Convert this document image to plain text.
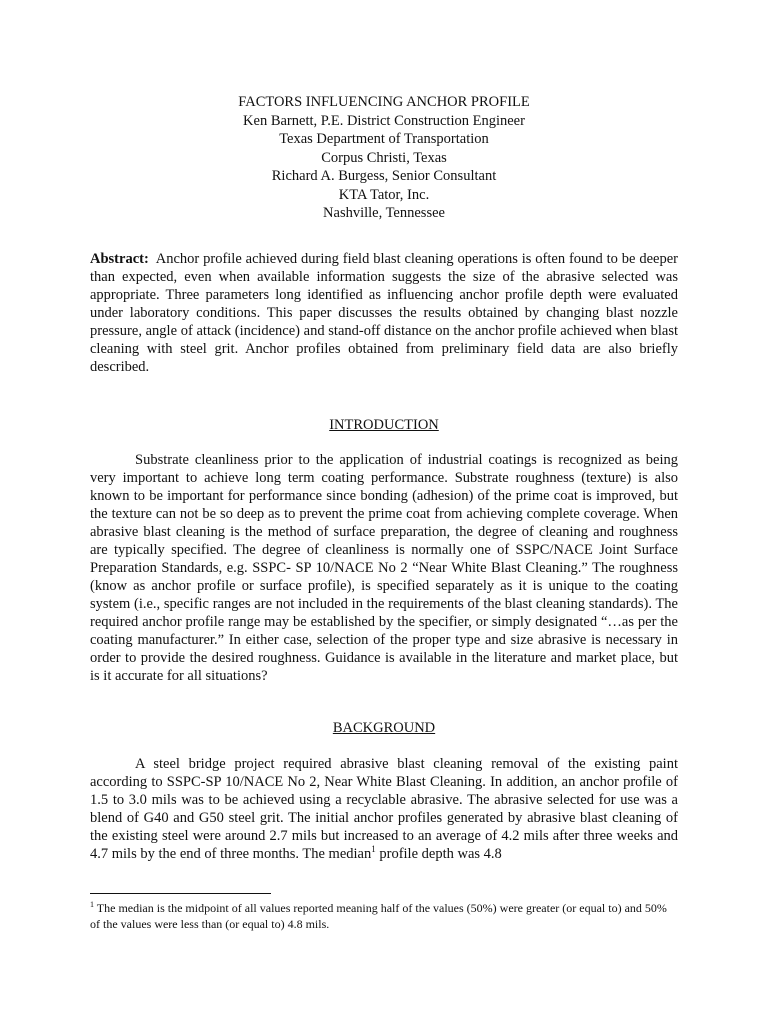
FACTORS INFLUENCING ANCHOR PROFILE
Ken Barnett, P.E. District Construction Engineer
Texas Department of Transportation
Corpus Christi, Texas
Richard A. Burgess, Senior Consultant
KTA Tator, Inc.
Nashville, Tennessee

Abstract: Anchor profile achieved during field blast cleaning operations is often found to be deeper than expected, even when available information suggests the size of the abrasive selected was appropriate. Three parameters long identified as influencing anchor profile depth were evaluated under laboratory conditions. This paper discusses the results obtained by changing blast nozzle pressure, angle of attack (incidence) and stand-off distance on the anchor profile achieved when blast cleaning with steel grit. Anchor profiles obtained from preliminary field data are also briefly described.

INTRODUCTION

Substrate cleanliness prior to the application of industrial coatings is recognized as being very important to achieve long term coating performance. Substrate roughness (texture) is also known to be important for performance since bonding (adhesion) of the prime coat is improved, but the texture can not be so deep as to prevent the prime coat from achieving complete coverage. When abrasive blast cleaning is the method of surface preparation, the degree of cleaning and roughness are typically specified. The degree of cleanliness is normally one of SSPC/NACE Joint Surface Preparation Standards, e.g. SSPC- SP 10/NACE No 2 “Near White Blast Cleaning.” The roughness (know as anchor profile or surface profile), is specified separately as it is unique to the coating system (i.e., specific ranges are not included in the requirements of the blast cleaning standards). The required anchor profile range may be established by the specifier, or simply designated “…as per the coating manufacturer.” In either case, selection of the proper type and size abrasive is necessary in order to provide the desired roughness. Guidance is available in the literature and market place, but is it accurate for all situations?

BACKGROUND

A steel bridge project required abrasive blast cleaning removal of the existing paint according to SSPC-SP 10/NACE No 2, Near White Blast Cleaning. In addition, an anchor profile of 1.5 to 3.0 mils was to be achieved using a recyclable abrasive. The abrasive selected for use was a blend of G40 and G50 steel grit. The initial anchor profiles generated by abrasive blast cleaning of the existing steel were around 2.7 mils but increased to an average of 4.2 mils after three weeks and 4.7 mils by the end of three months. The median$^1$ profile depth was 4.8

$^1$ The median is the midpoint of all values reported meaning half of the values (50%) were greater (or equal to) and 50% of the values were less than (or equal to) 4.8 mils.
